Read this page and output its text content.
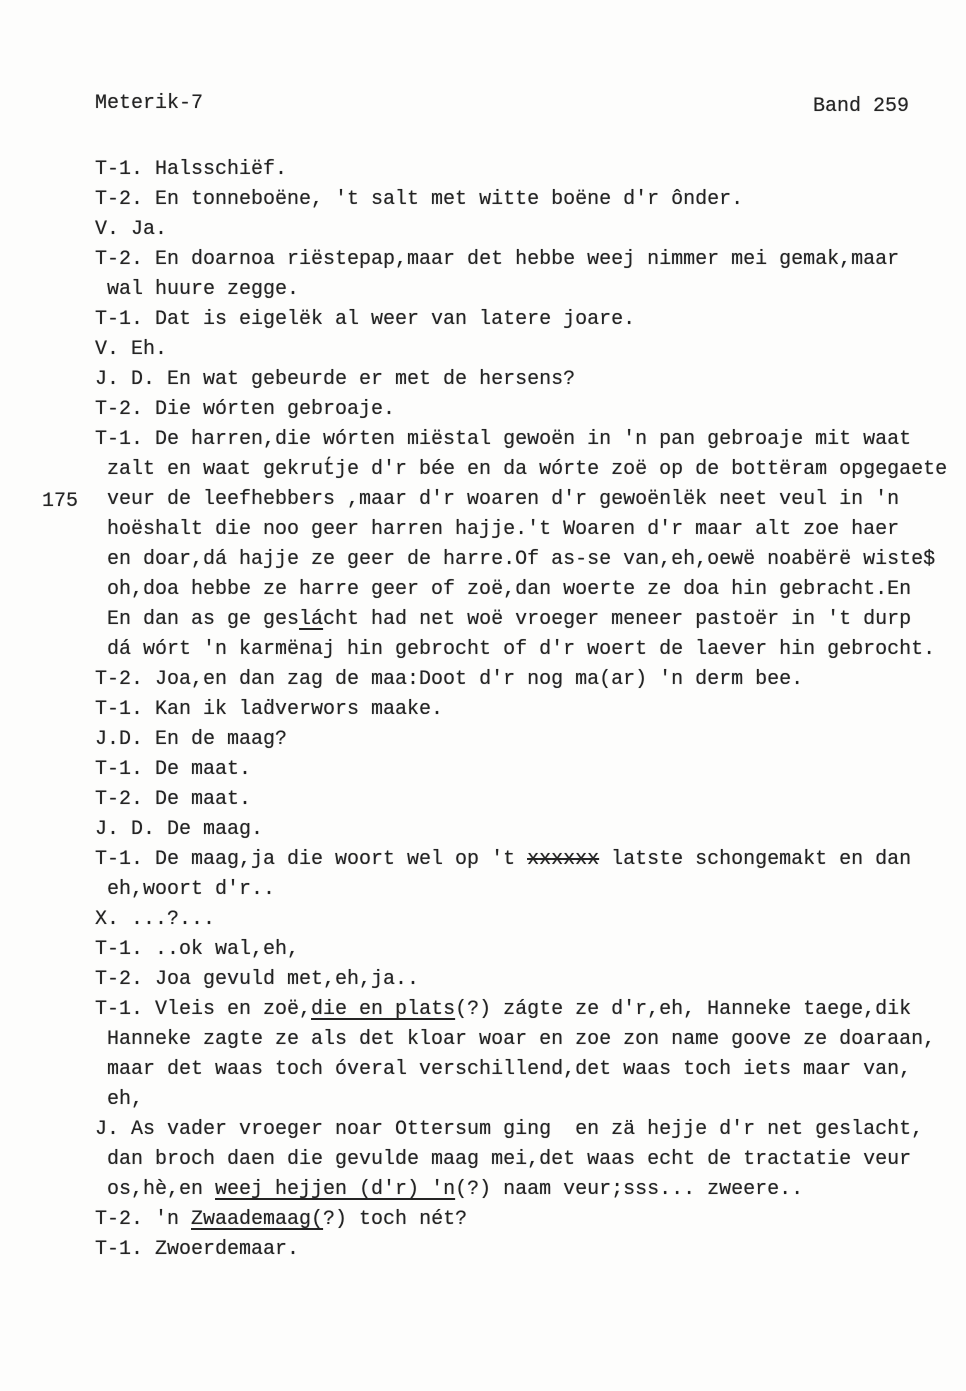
Meterik-7	Band 259
175
T-1. Halsschiëf.
T-2. En tonneboëne, 't salt met witte boëne d'r ônder.
V. Ja.
T-2. En doarnoa riëstepap,maar det hebbe weej nimmer mei gemak,maar
wal huure zegge.
T-1. Dat is eigelëk al weer van latere joare.
V. Eh.
J. D. En wat gebeurde er met de hersens?
T-2. Die wórten gebroaje.
T-1. De harren,die wórten miëstal gewoën in 'n pan gebroaje mit waat
zalt en waat gekrut́je d'r bée en da wórte zoë op de bottëram opgegaete
veur de leefhebbers ,maar d'r woaren d'r gewoënlëk neet veul in 'n
hoëshalt die noo geer harren hajje.'t Woaren d'r maar alt zoe haer
en doar,dá hajje ze geer de harre.Of as-se van,eh,oewë noabërë wiste$
oh,doa hebbe ze harre geer of zoë,dan woerte ze doa hin gebracht.En
En dan as ge geslácht had net woë vroeger meneer pastoër in 't durp
dá wórt 'n karmënaj hin gebrocht of d'r woert de laever hin gebrocht.
T-2. Joa,en dan zag de maa:Doot d'r nog ma(ar) 'n derm bee.
T-1. Kan ik laḋverwors maake.
J.D. En de maag?
T-1. De maat.
T-2. De maat.
J. D. De maag.
T-1. De maag,ja die woort wel op 't xxxxxx latste schongemakt en dan
eh,woort d'r..
X. ...?...
T-1. ..ok wal,eh,
T-2. Joa gevuld met,eh,ja..
T-1. Vleis en zoë,die en plats(?) zágte ze d'r,eh, Hanneke taege,dik
Hanneke zagte ze als det kloar woar en zoe zon name goove ze doaraan,
maar det waas toch óveral verschillend,det waas toch iets maar van,
eh,
J. As vader vroeger noar Ottersum ging  en zä hejje d'r net geslacht,
dan broch daen die gevulde maag mei,det waas echt de tractatie veur
os,hè,en weej hejjen (d'r) 'n(?) naam veur;sss... zweere..
T-2. 'n Zwaademaag(?) toch nét?
T-1. Zwoerdemaar.
